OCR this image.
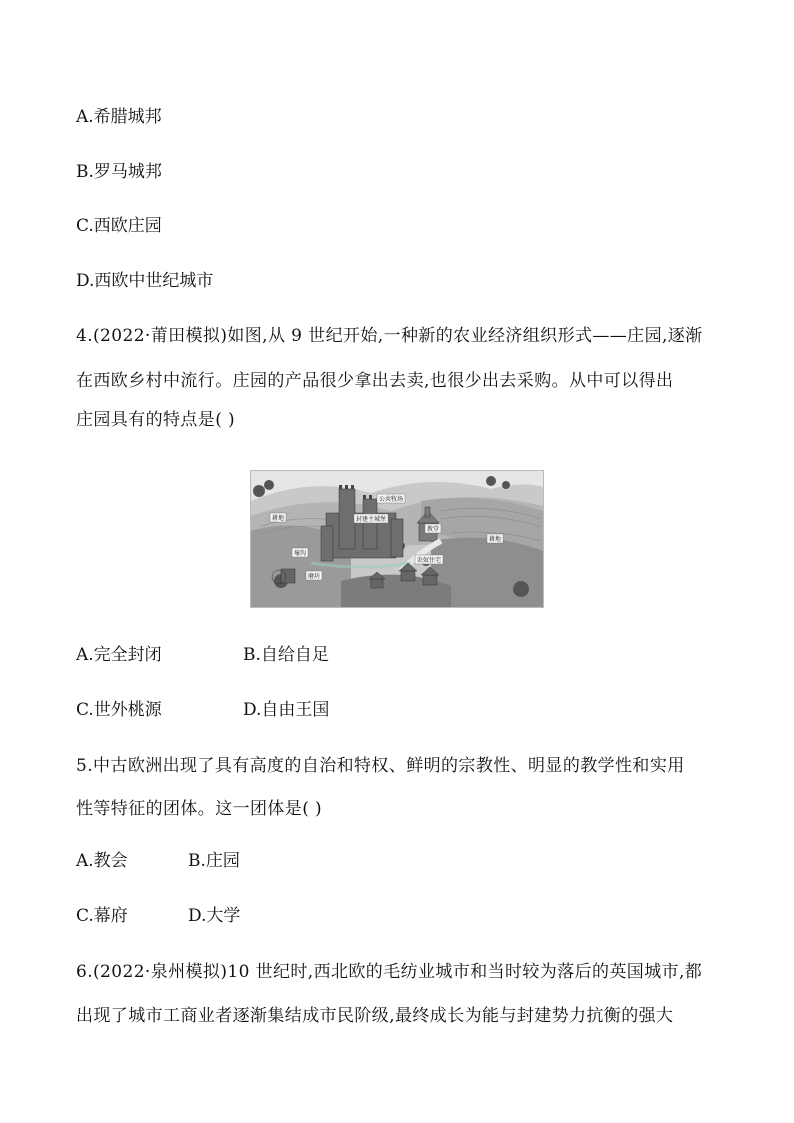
A.希腊城邦
B.罗马城邦
C.西欧庄园
D.西欧中世纪城市
4.(2022·莆田模拟)如图,从 9 世纪开始,一种新的农业经济组织形式——庄园,逐渐
在西欧乡村中流行。庄园的产品很少拿出去卖,也很少出去采购。从中可以得出
庄园具有的特点是( )
公共牧场
封建主城堡
教堂
耕地
耕地
壕沟
磨坊
农奴住宅
A.完全封闭	B.自给自足
C.世外桃源	D.自由王国
5.中古欧洲出现了具有高度的自治和特权、鲜明的宗教性、明显的教学性和实用
性等特征的团体。这一团体是( )
A.教会	B.庄园
C.幕府	D.大学
6.(2022·泉州模拟)10 世纪时,西北欧的毛纺业城市和当时较为落后的英国城市,都
出现了城市工商业者逐渐集结成市民阶级,最终成长为能与封建势力抗衡的强大
